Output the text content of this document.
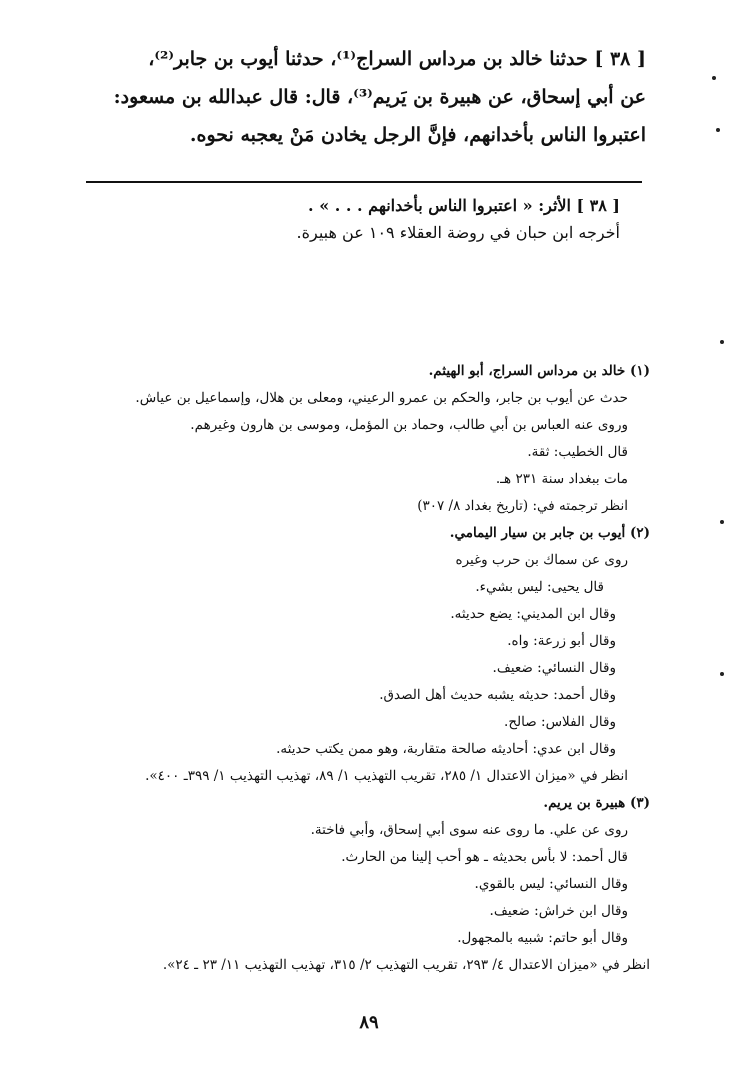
[ ٣٨ ] حدثنا خالد بن مرداس السراج⁽¹⁾، حدثنا أيوب بن جابر⁽²⁾،
عن أبي إسحاق، عن هبيرة بن يَريم⁽³⁾، قال: قال عبدالله بن مسعود:
اعتبروا الناس بأخدانهم، فإنَّ الرجل يخادن مَنْ يعجبه نحوه.
[ ٣٨ ] الأثر: « اعتبروا الناس بأخدانهم . . . » .
أخرجه ابن حبان في روضة العقلاء ١٠٩ عن هبيرة.
(١) خالد بن مرداس السراج، أبو الهيثم.
حدث عن أيوب بن جابر، والحكم بن عمرو الرعيني، ومعلى بن هلال، وإسماعيل بن عياش.
وروى عنه العباس بن أبي طالب، وحماد بن المؤمل، وموسى بن هارون وغيرهم.
قال الخطيب: ثقة.
مات ببغداد سنة ٢٣١ هـ.
انظر ترجمته في: (تاريخ بغداد ٨/ ٣٠٧)
(٢) أيوب بن جابر بن سيار اليمامي.
روى عن سماك بن حرب وغيره
قال يحيى: ليس بشيء.
وقال ابن المديني: يضع حديثه.
وقال أبو زرعة: واه.
وقال النسائي: ضعيف.
وقال أحمد: حديثه يشبه حديث أهل الصدق.
وقال الفلاس: صالح.
وقال ابن عدي: أحاديثه صالحة متقاربة، وهو ممن يكتب حديثه.
انظر في «ميزان الاعتدال ١/ ٢٨٥، تقريب التهذيب ١/ ٨٩، تهذيب التهذيب ١/ ٣٩٩ـ ٤٠٠».
(٣) هبيرة بن يريم.
روى عن علي. ما روى عنه سوى أبي إسحاق، وأبي فاختة.
قال أحمد: لا بأس بحديثه ـ هو أحب إلينا من الحارث.
وقال النسائي: ليس بالقوي.
وقال ابن خراش: ضعيف.
وقال أبو حاتم: شبيه بالمجهول.
انظر في «ميزان الاعتدال ٤/ ٢٩٣، تقريب التهذيب ٢/ ٣١٥، تهذيب التهذيب ١١/ ٢٣ ـ ٢٤».
٨٩
